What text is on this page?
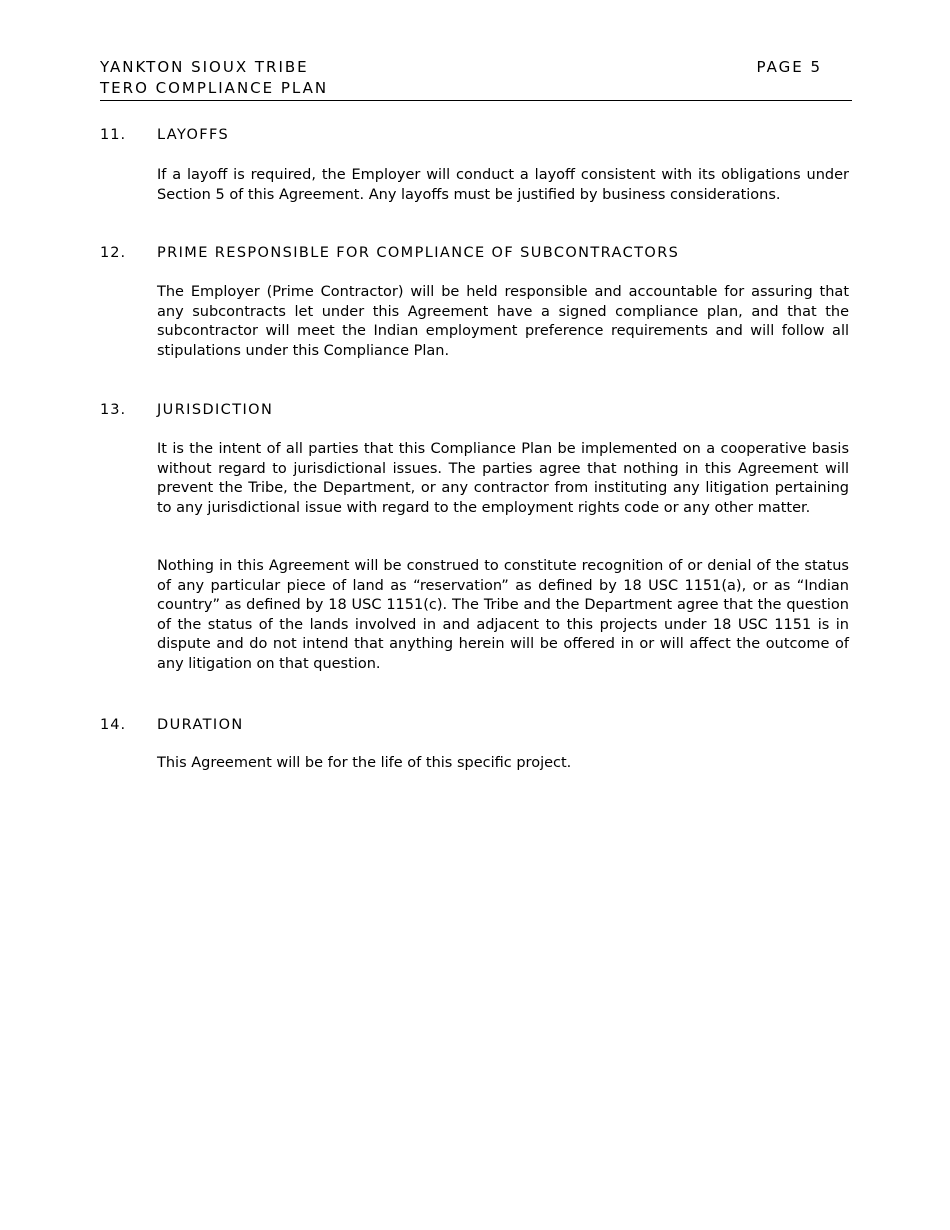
YANKTON SIOUX TRIBE
TERO COMPLIANCE PLAN
PAGE 5
11. LAYOFFS

If a layoff is required, the Employer will conduct a layoff consistent with its obligations under Section 5 of this Agreement. Any layoffs must be justified by business considerations.

12. PRIME RESPONSIBLE FOR COMPLIANCE OF SUBCONTRACTORS

The Employer (Prime Contractor) will be held responsible and accountable for assuring that any subcontracts let under this Agreement have a signed compliance plan, and that the subcontractor will meet the Indian employment preference requirements and will follow all stipulations under this Compliance Plan.

13. JURISDICTION

It is the intent of all parties that this Compliance Plan be implemented on a cooperative basis without regard to jurisdictional issues. The parties agree that nothing in this Agreement will prevent the Tribe, the Department, or any contractor from instituting any litigation pertaining to any jurisdictional issue with regard to the employment rights code or any other matter.

Nothing in this Agreement will be construed to constitute recognition of or denial of the status of any particular piece of land as “reservation” as defined by 18 USC 1151(a), or as “Indian country” as defined by 18 USC 1151(c). The Tribe and the Department agree that the question of the status of the lands involved in and adjacent to this projects under 18 USC 1151 is in dispute and do not intend that anything herein will be offered in or will affect the outcome of any litigation on that question.

14. DURATION

This Agreement will be for the life of this specific project.
